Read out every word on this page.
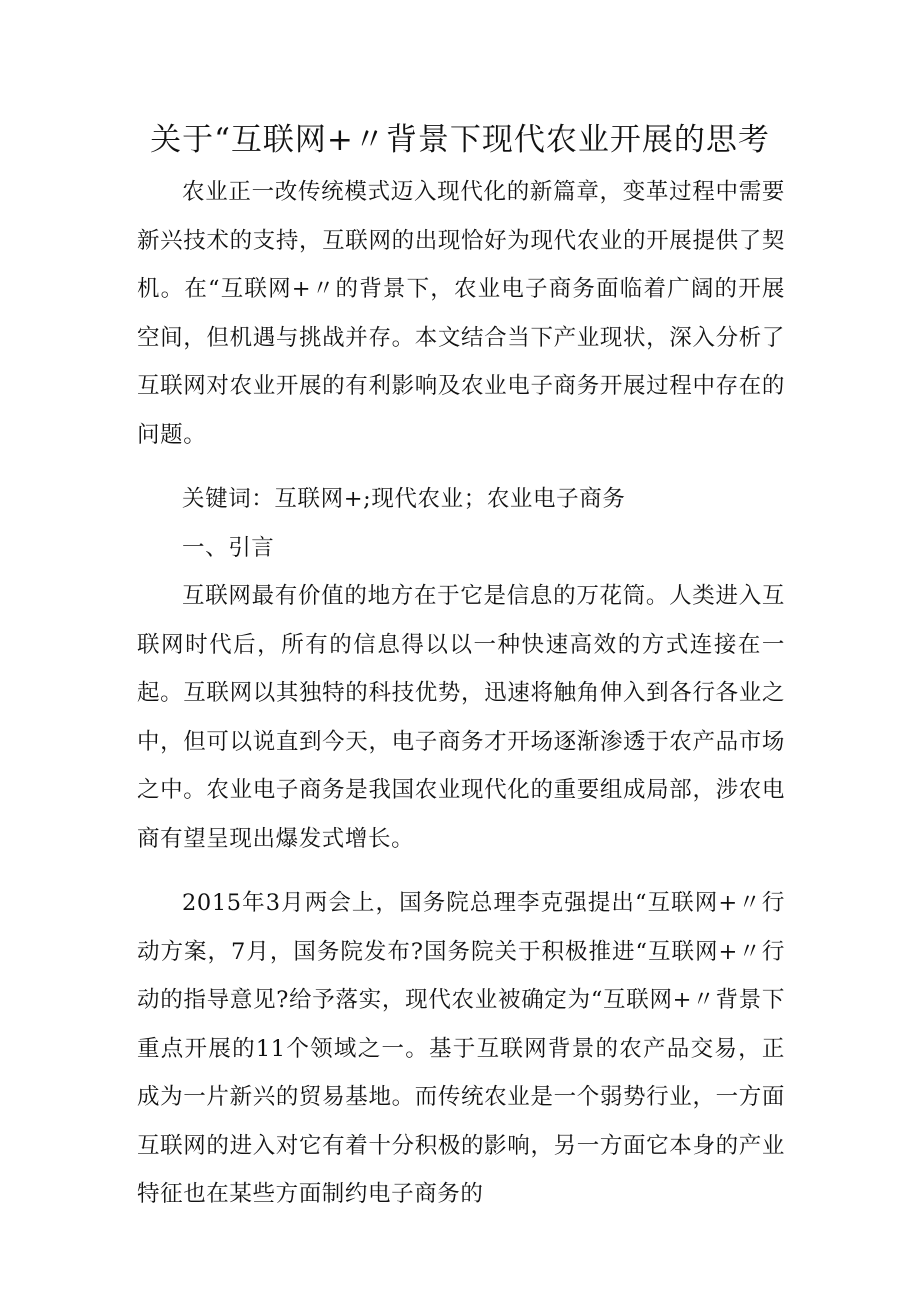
关于“互联网+〃背景下现代农业开展的思考

农业正一改传统模式迈入现代化的新篇章，变革过程中需要新兴技术的支持，互联网的出现恰好为现代农业的开展提供了契机。在“互联网+〃的背景下，农业电子商务面临着广阔的开展空间，但机遇与挑战并存。本文结合当下产业现状，深入分析了互联网对农业开展的有利影响及农业电子商务开展过程中存在的问题。

关键词：互联网+;现代农业；农业电子商务

一、引言

互联网最有价值的地方在于它是信息的万花筒。人类进入互联网时代后，所有的信息得以以一种快速高效的方式连接在一起。互联网以其独特的科技优势，迅速将触角伸入到各行各业之中，但可以说直到今天，电子商务才开场逐渐渗透于农产品市场之中。农业电子商务是我国农业现代化的重要组成局部，涉农电商有望呈现出爆发式增长。

2015年3月两会上，国务院总理李克强提出“互联网+〃行动方案，7月，国务院发布?国务院关于积极推进“互联网+〃行动的指导意见?给予落实，现代农业被确定为“互联网+〃背景下重点开展的11个领域之一。基于互联网背景的农产品交易，正成为一片新兴的贸易基地。而传统农业是一个弱势行业，一方面互联网的进入对它有着十分积极的影响，另一方面它本身的产业特征也在某些方面制约电子商务的
